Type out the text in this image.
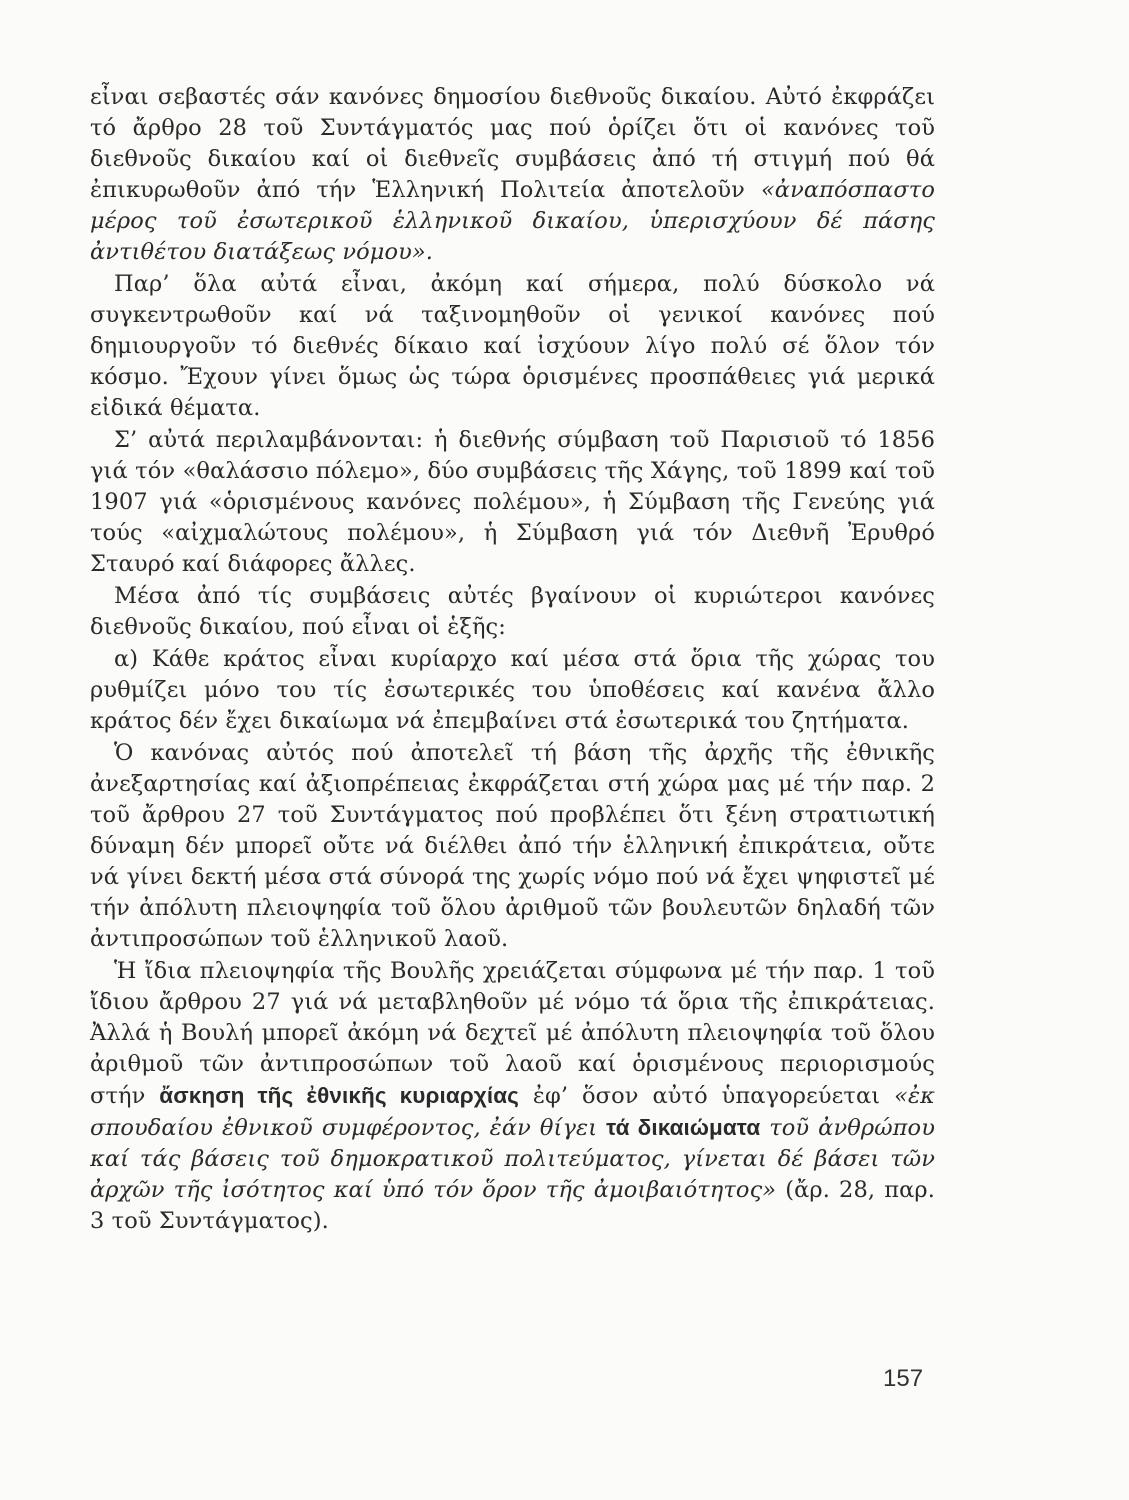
εἶναι σεβαστές σάν κανόνες δημοσίου διεθνοῦς δικαίου. Αὐτό ἐκφράζει τό ἄρθρο 28 τοῦ Συντάγματός μας πού ὁρίζει ὅτι οἱ κανόνες τοῦ διεθνοῦς δικαίου καί οἱ διεθνεῖς συμβάσεις ἀπό τή στιγμή πού θά ἐπικυρωθοῦν ἀπό τήν Ἑλληνική Πολιτεία ἀποτελοῦν «ἀναπόσπαστο μέρος τοῦ ἐσωτερικοῦ ἑλληνικοῦ δικαίου, ὑπερισχύουν δέ πάσης ἀντιθέτου διατάξεως νόμου».

Παρ’ ὅλα αὐτά εἶναι, ἀκόμη καί σήμερα, πολύ δύσκολο νά συγκεντρωθοῦν καί νά ταξινομηθοῦν οἱ γενικοί κανόνες πού δημιουργοῦν τό διεθνές δίκαιο καί ἰσχύουν λίγο πολύ σέ ὅλον τόν κόσμο. Ἔχουν γίνει ὅμως ὡς τώρα ὁρισμένες προσπάθειες γιά μερικά εἰδικά θέματα.

Σ’ αὐτά περιλαμβάνονται: ἡ διεθνής σύμβαση τοῦ Παρισιοῦ τό 1856 γιά τόν «θαλάσσιο πόλεμο», δύο συμβάσεις τῆς Χάγης, τοῦ 1899 καί τοῦ 1907 γιά «ὁρισμένους κανόνες πολέμου», ἡ Σύμβαση τῆς Γενεύης γιά τούς «αἰχμαλώτους πολέμου», ἡ Σύμβαση γιά τόν Διεθνῆ Ἐρυθρό Σταυρό καί διάφορες ἄλλες.

Μέσα ἀπό τίς συμβάσεις αὐτές βγαίνουν οἱ κυριώτεροι κανόνες διεθνοῦς δικαίου, πού εἶναι οἱ ἑξῆς:

α) Κάθε κράτος εἶναι κυρίαρχο καί μέσα στά ὅρια τῆς χώρας του ρυθμίζει μόνο του τίς ἐσωτερικές του ὑποθέσεις καί κανένα ἄλλο κράτος δέν ἔχει δικαίωμα νά ἐπεμβαίνει στά ἐσωτερικά του ζητήματα.

Ὁ κανόνας αὐτός πού ἀποτελεῖ τή βάση τῆς ἀρχῆς τῆς ἐθνικῆς ἀνεξαρτησίας καί ἀξιοπρέπειας ἐκφράζεται στή χώρα μας μέ τήν παρ. 2 τοῦ ἄρθρου 27 τοῦ Συντάγματος πού προβλέπει ὅτι ξένη στρατιωτική δύναμη δέν μπορεῖ οὔτε νά διέλθει ἀπό τήν ἑλληνική ἐπικράτεια, οὔτε νά γίνει δεκτή μέσα στά σύνορά της χωρίς νόμο πού νά ἔχει ψηφιστεῖ μέ τήν ἀπόλυτη πλειοψηφία τοῦ ὅλου ἀριθμοῦ τῶν βουλευτῶν δηλαδή τῶν ἀντιπροσώπων τοῦ ἑλληνικοῦ λαοῦ.

Ἡ ἴδια πλειοψηφία τῆς Βουλῆς χρειάζεται σύμφωνα μέ τήν παρ. 1 τοῦ ἴδιου ἄρθρου 27 γιά νά μεταβληθοῦν μέ νόμο τά ὅρια τῆς ἐπικράτειας. Ἀλλά ἡ Βουλή μπορεῖ ἀκόμη νά δεχτεῖ μέ ἀπόλυτη πλειοψηφία τοῦ ὅλου ἀριθμοῦ τῶν ἀντιπροσώπων τοῦ λαοῦ καί ὁρισμένους περιορισμούς στήν ἄσκηση τῆς ἐθνικῆς κυριαρχίας ἐφ’ ὅσον αὐτό ὑπαγορεύεται «ἐκ σπουδαίου ἐθνικοῦ συμφέροντος, ἐάν θίγει τά δικαιώματα τοῦ ἀνθρώπου καί τάς βάσεις τοῦ δημοκρατικοῦ πολιτεύματος, γίνεται δέ βάσει τῶν ἀρχῶν τῆς ἰσότητος καί ὑπό τόν ὅρον τῆς ἀμοιβαιότητος» (ἄρ. 28, παρ. 3 τοῦ Συντάγματος).

157
